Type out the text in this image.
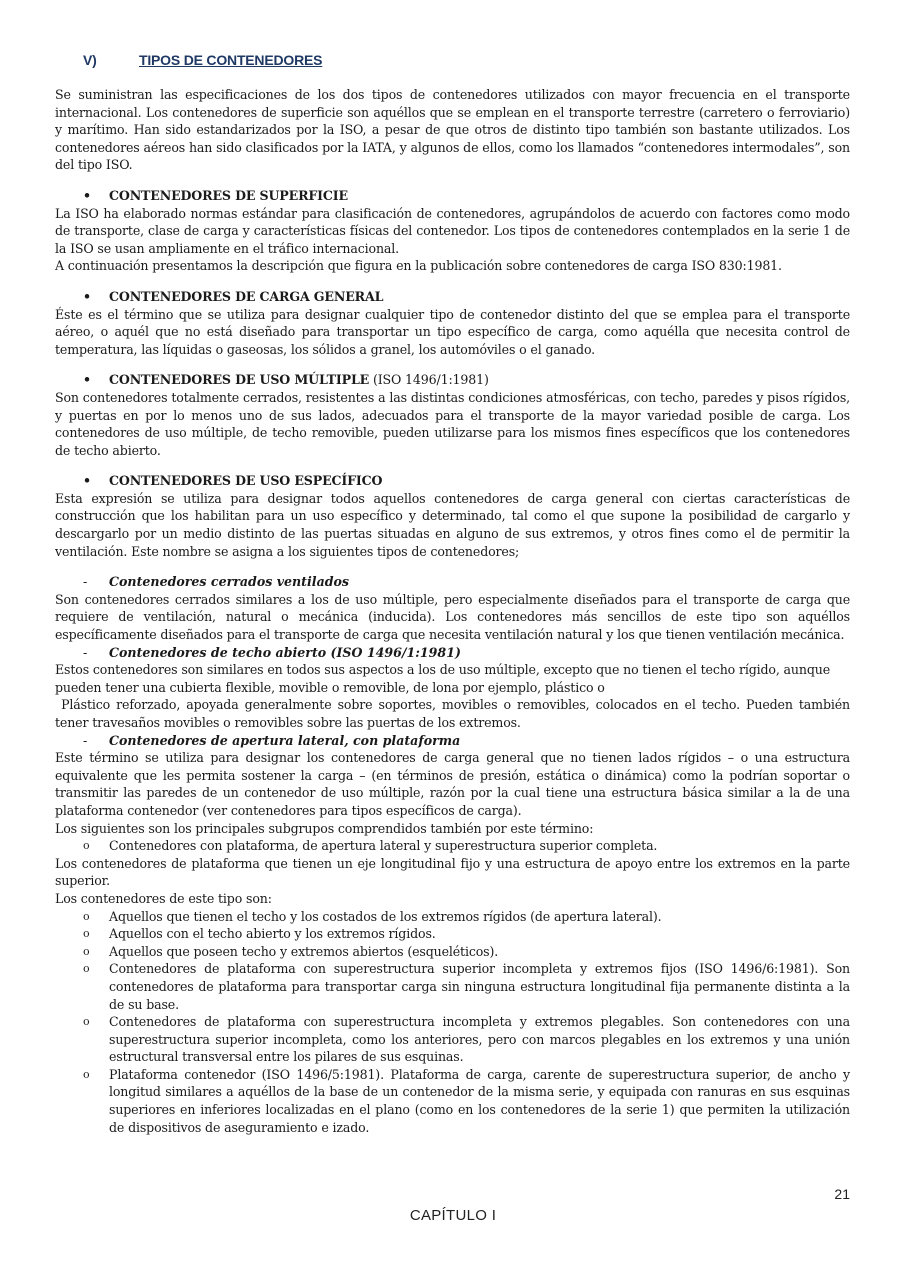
V)	TIPOS DE CONTENEDORES

Se suministran las especificaciones de los dos tipos de contenedores utilizados con mayor frecuencia en el transporte internacional. Los contenedores de superficie son aquéllos que se emplean en el transporte terrestre (carretero o ferroviario) y marítimo. Han sido estandarizados por la ISO, a pesar de que otros de distinto tipo también son bastante utilizados. Los contenedores aéreos han sido clasificados por la IATA, y algunos de ellos, como los llamados “contenedores intermodales”, son del tipo ISO.

• CONTENEDORES DE SUPERFICIE

La ISO ha elaborado normas estándar para clasificación de contenedores, agrupándolos de acuerdo con factores como modo de transporte, clase de carga y características físicas del contenedor. Los tipos de contenedores contemplados en la serie 1 de la ISO se usan ampliamente en el tráfico internacional.

A continuación presentamos la descripción que figura en la publicación sobre contenedores de carga ISO 830:1981.

• CONTENEDORES DE CARGA GENERAL

Éste es el término que se utiliza para designar cualquier tipo de contenedor distinto del que se emplea para el transporte aéreo, o aquél que no está diseñado para transportar un tipo específico de carga, como aquélla que necesita control de temperatura, las líquidas o gaseosas, los sólidos a granel, los automóviles o el ganado.

• CONTENEDORES DE USO MÚLTIPLE (ISO 1496/1:1981)

Son contenedores totalmente cerrados, resistentes a las distintas condiciones atmosféricas, con techo, paredes y pisos rígidos, y puertas en por lo menos uno de sus lados, adecuados para el transporte de la mayor variedad posible de carga. Los contenedores de uso múltiple, de techo removible, pueden utilizarse para los mismos fines específicos que los contenedores de techo abierto.

• CONTENEDORES DE USO ESPECÍFICO

Esta expresión se utiliza para designar todos aquellos contenedores de carga general con ciertas características de construcción que los habilitan para un uso específico y determinado, tal como el que supone la posibilidad de cargarlo y descargarlo por un medio distinto de las puertas situadas en alguno de sus extremos, y otros fines como el de permitir la ventilación. Este nombre se asigna a los siguientes tipos de contenedores;

- Contenedores cerrados ventilados

Son contenedores cerrados similares a los de uso múltiple, pero especialmente diseñados para el transporte de carga que requiere de ventilación, natural o mecánica (inducida). Los contenedores más sencillos de este tipo son aquéllos específicamente diseñados para el transporte de carga que necesita ventilación natural y los que tienen ventilación mecánica.

- Contenedores de techo abierto (ISO 1496/1:1981)

Estos contenedores son similares en todos sus aspectos a los de uso múltiple, excepto que no tienen el techo rígido, aunque pueden tener una cubierta flexible, movible o removible, de lona por ejemplo, plástico o

Plástico reforzado, apoyada generalmente sobre soportes, movibles o removibles, colocados en el techo. Pueden también tener travesaños movibles o removibles sobre las puertas de los extremos.

- Contenedores de apertura lateral, con plataforma

Este término se utiliza para designar los contenedores de carga general que no tienen lados rígidos – o una estructura equivalente que les permita sostener la carga – (en términos de presión, estática o dinámica) como la podrían soportar o transmitir las paredes de un contenedor de uso múltiple, razón por la cual tiene una estructura básica similar a la de una plataforma contenedor (ver contenedores para tipos específicos de carga).

Los siguientes son los principales subgrupos comprendidos también por este término:

o Contenedores con plataforma, de apertura lateral y superestructura superior completa.

Los contenedores de plataforma que tienen un eje longitudinal fijo y una estructura de apoyo entre los extremos en la parte superior.

Los contenedores de este tipo son:

o Aquellos que tienen el techo y los costados de los extremos rígidos (de apertura lateral).
o Aquellos con el techo abierto y los extremos rígidos.
o Aquellos que poseen techo y extremos abiertos (esqueléticos).
o Contenedores de plataforma con superestructura superior incompleta y extremos fijos (ISO 1496/6:1981). Son contenedores de plataforma para transportar carga sin ninguna estructura longitudinal fija permanente distinta a la de su base.
o Contenedores de plataforma con superestructura incompleta y extremos plegables. Son contenedores con una superestructura superior incompleta, como los anteriores, pero con marcos plegables en los extremos y una unión estructural transversal entre los pilares de sus esquinas.
o Plataforma contenedor (ISO 1496/5:1981). Plataforma de carga, carente de superestructura superior, de ancho y longitud similares a aquéllos de la base de un contenedor de la misma serie, y equipada con ranuras en sus esquinas superiores en inferiores localizadas en el plano (como en los contenedores de la serie 1) que permiten la utilización de dispositivos de aseguramiento e izado.
21
CAPÍTULO I
